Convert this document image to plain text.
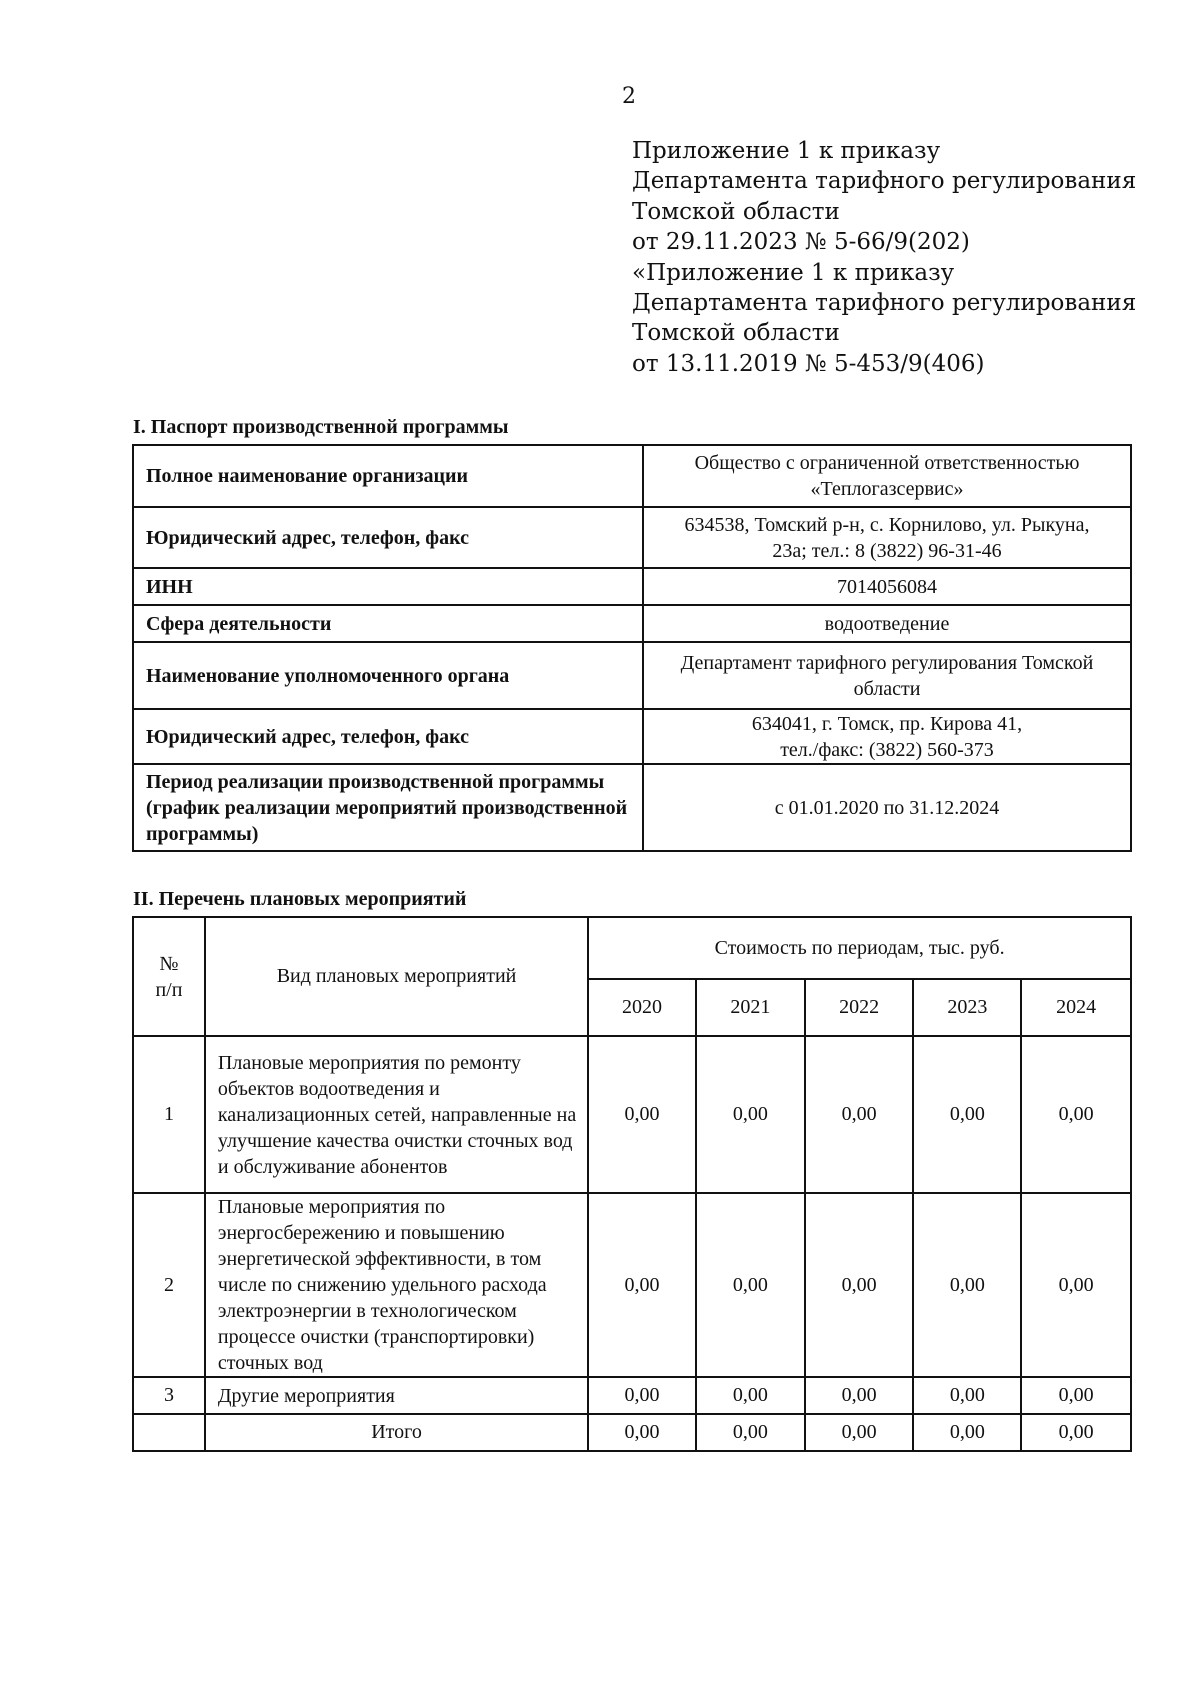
2
Приложение 1 к приказу
Департамента тарифного регулирования
Томской области
от 29.11.2023 № 5-66/9(202)
«Приложение 1 к приказу
Департамента тарифного регулирования
Томской области
от 13.11.2019 № 5-453/9(406)
I. Паспорт производственной программы
Полное наименование организации	Общество с ограниченной ответственностью
«Теплогазсервис»

Юридический адрес, телефон, факс	634538, Томский р-н, с. Корнилово, ул. Рыкуна,
23а; тел.: 8 (3822) 96-31-46

ИНН	7014056084

Сфера деятельности	водоотведение

Наименование уполномоченного органа	Департамент тарифного регулирования Томской
области

Юридический адрес, телефон, факс	634041, г. Томск, пр. Кирова 41,
тел./факс: (3822) 560-373

Период реализации производственной программы (график реализации мероприятий производственной программы)	с 01.01.2020 по 31.12.2024
II. Перечень плановых мероприятий
№ п/п	Вид плановых мероприятий	Стоимость по периодам, тыс. руб.				
		2020	2021	2022	2023	2024
1	Плановые мероприятия по ремонту объектов водоотведения и канализационных сетей, направленные на улучшение качества очистки сточных вод и обслуживание абонентов	0,00	0,00	0,00	0,00	0,00
2	Плановые мероприятия по энергосбережению и повышению энергетической эффективности, в том числе по снижению удельного расхода электроэнергии в технологическом процессе очистки (транспортировки) сточных вод	0,00	0,00	0,00	0,00	0,00
3	Другие мероприятия	0,00	0,00	0,00	0,00	0,00
	Итого	0,00	0,00	0,00	0,00	0,00
